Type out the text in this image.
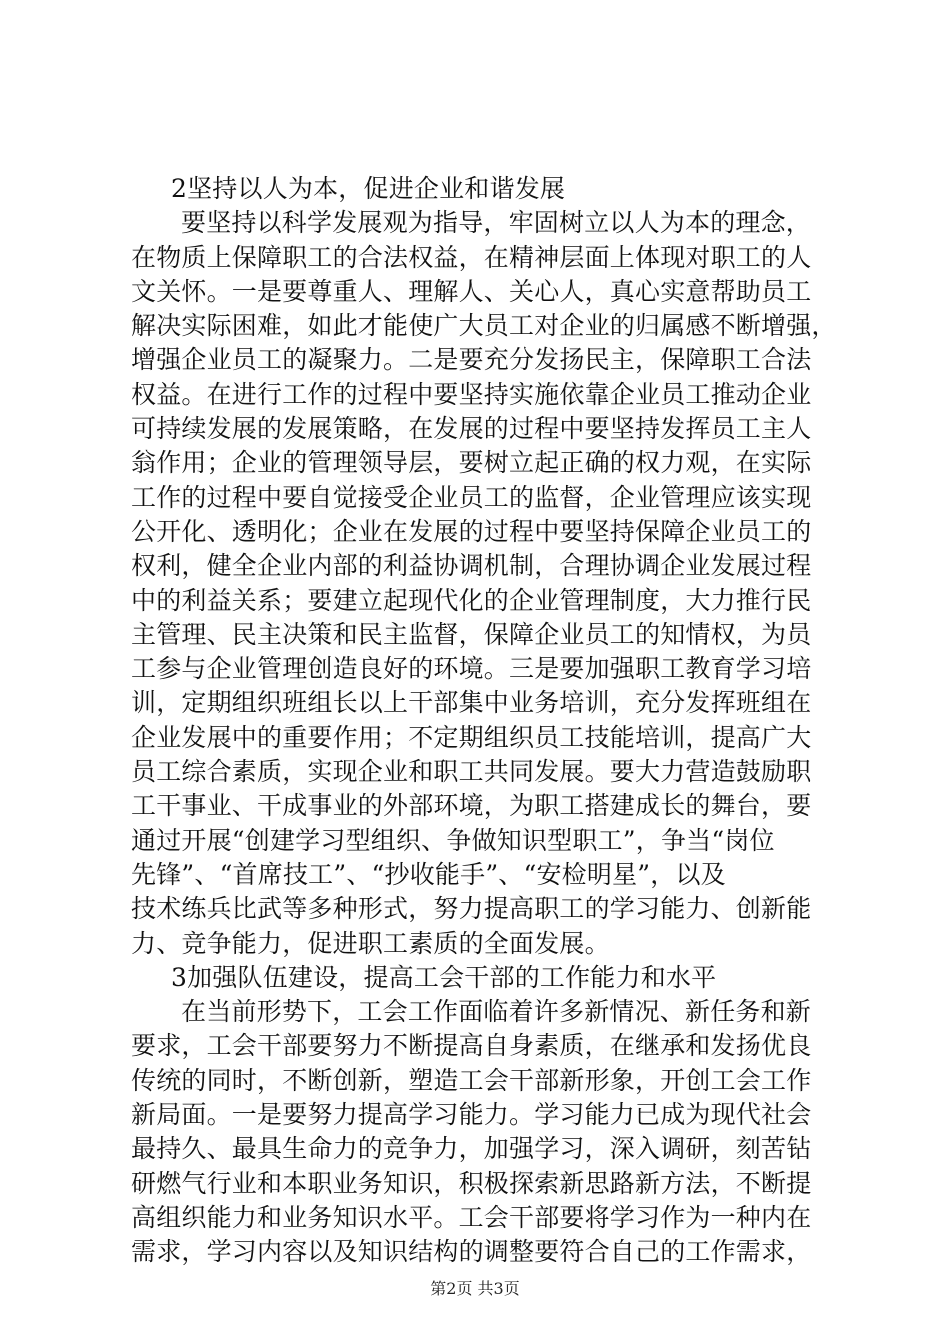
2坚持以人为本，促进企业和谐发展
要坚持以科学发展观为指导，牢固树立以人为本的理念，
在物质上保障职工的合法权益，在精神层面上体现对职工的人
文关怀。一是要尊重人、理解人、关心人，真心实意帮助员工
解决实际困难，如此才能使广大员工对企业的归属感不断增强，
增强企业员工的凝聚力。二是要充分发扬民主，保障职工合法
权益。在进行工作的过程中要坚持实施依靠企业员工推动企业
可持续发展的发展策略，在发展的过程中要坚持发挥员工主人
翁作用；企业的管理领导层，要树立起正确的权力观，在实际
工作的过程中要自觉接受企业员工的监督，企业管理应该实现
公开化、透明化；企业在发展的过程中要坚持保障企业员工的
权利，健全企业内部的利益协调机制，合理协调企业发展过程
中的利益关系；要建立起现代化的企业管理制度，大力推行民
主管理、民主决策和民主监督，保障企业员工的知情权，为员
工参与企业管理创造良好的环境。三是要加强职工教育学习培
训，定期组织班组长以上干部集中业务培训，充分发挥班组在
企业发展中的重要作用；不定期组织员工技能培训，提高广大
员工综合素质，实现企业和职工共同发展。要大力营造鼓励职
工干事业、干成事业的外部环境，为职工搭建成长的舞台，要
通过开展“创建学习型组织、争做知识型职工”，争当“岗位
先锋”、“首席技工”、“抄收能手”、“安检明星”，以及
技术练兵比武等多种形式，努力提高职工的学习能力、创新能
力、竞争能力，促进职工素质的全面发展。
3加强队伍建设，提高工会干部的工作能力和水平
在当前形势下，工会工作面临着许多新情况、新任务和新
要求，工会干部要努力不断提高自身素质，在继承和发扬优良
传统的同时，不断创新，塑造工会干部新形象，开创工会工作
新局面。一是要努力提高学习能力。学习能力已成为现代社会
最持久、最具生命力的竞争力，加强学习，深入调研，刻苦钻
研燃气行业和本职业务知识，积极探索新思路新方法，不断提
高组织能力和业务知识水平。工会干部要将学习作为一种内在
需求，学习内容以及知识结构的调整要符合自己的工作需求，
第2页 共3页
